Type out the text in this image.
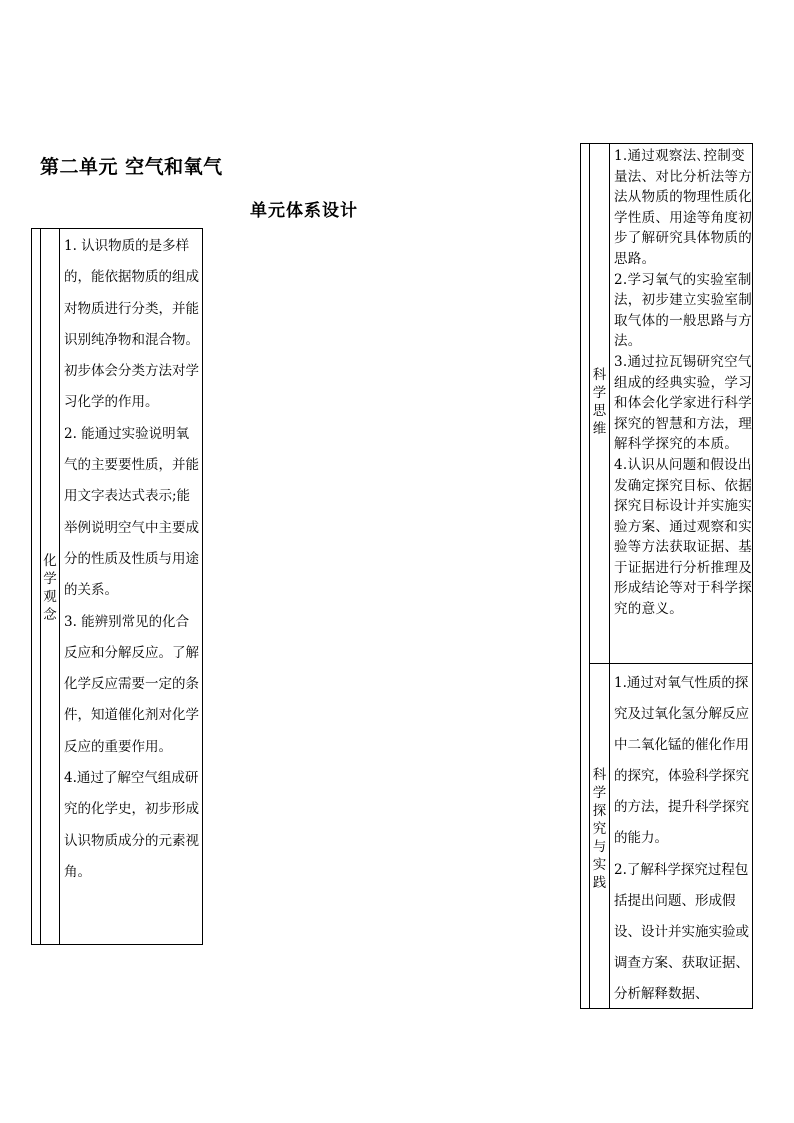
第二单元 空气和氧气
单元体系设计
化
学
观
念

1. 认识物质的是多样的，能依据物质的组成对物质进行分类，并能识别纯净物和混合物。初步体会分类方法对学习化学的作用。

2. 能通过实验说明氧气的主要要性质，并能用文字表达式表示;能举例说明空气中主要成分的性质及性质与用途的关系。

3. 能辨别常见的化合反应和分解反应。了解化学反应需要一定的条件，知道催化剂对化学反应的重要作用。

4.通过了解空气组成研究的化学史，初步形成认识物质成分的元素视角。

科
学
思
维

1.通过观察法､控制变量法、对比分析法等方法从物质的物理性质化学性质、用途等角度初步了解研究具体物质的思路。

2.学习氧气的实验室制法，初步建立实验室制取气体的一般思路与方法。

3.通过拉瓦锡研究空气组成的经典实验，学习和体会化学家进行科学探究的智慧和方法，理解科学探究的本质。

4.认识从问题和假设出发确定探究目标、依据探究目标设计并实施实验方案、通过观察和实验等方法获取证据、基于证据进行分析推理及形成结论等对于科学探究的意义。

科
学
探
究
与
实
践

1.通过对氧气性质的探究及过氧化氢分解反应中二氧化锰的催化作用的探究，体验科学探究的方法，提升科学探究的能力。

2.了解科学探究过程包括提出问题、形成假设、设计并实施实验或调查方案、获取证据、分析解释数据、
